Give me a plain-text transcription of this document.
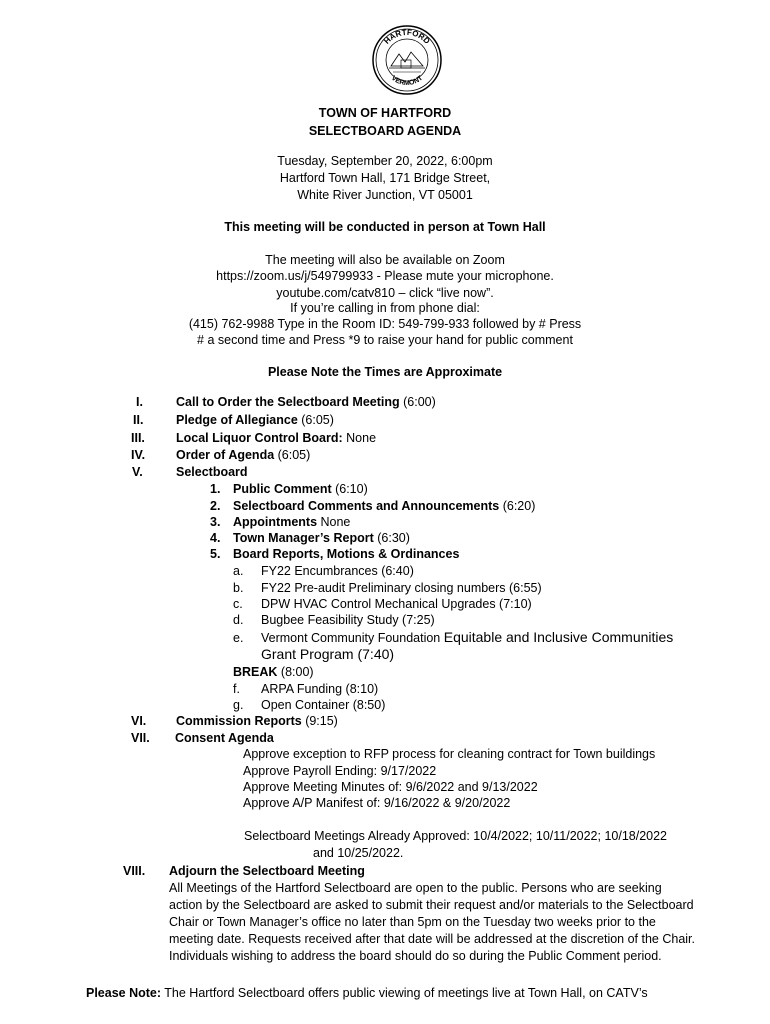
HARTFORD
VERMONT
TOWN OF HARTFORD
SELECTBOARD AGENDA
Tuesday, September 20, 2022, 6:00pm
Hartford Town Hall, 171 Bridge Street,
White River Junction, VT 05001
This meeting will be conducted in person at Town Hall
The meeting will also be available on Zoom
https://zoom.us/j/549799933 - Please mute your microphone.
youtube.com/catv810 – click “live now”.
If you’re calling in from phone dial:
(415) 762-9988 Type in the Room ID: 549-799-933 followed by # Press
# a second time and Press *9 to raise your hand for public comment
Please Note the Times are Approximate
I.	Call to Order the Selectboard Meeting (6:00)
II.	Pledge of Allegiance (6:05)
III. Local Liquor Control Board: None
IV. Order of Agenda (6:05)
V.	Selectboard
1. Public Comment (6:10)
2. Selectboard Comments and Announcements (6:20)
3. Appointments None
4. Town Manager’s Report (6:30)
5. Board Reports, Motions & Ordinances
a. FY22 Encumbrances (6:40)
b. FY22 Pre-audit Preliminary closing numbers (6:55)
c. DPW HVAC Control Mechanical Upgrades (7:10)
d. Bugbee Feasibility Study (7:25)
e. Vermont Community Foundation Equitable and Inclusive Communities
Grant Program (7:40)
BREAK (8:00)
f. ARPA Funding (8:10)
g. Open Container (8:50)
VI. Commission Reports (9:15)
VII. Consent Agenda
Approve exception to RFP process for cleaning contract for Town buildings
Approve Payroll Ending: 9/17/2022
Approve Meeting Minutes of: 9/6/2022 and 9/13/2022
Approve A/P Manifest of: 9/16/2022 & 9/20/2022
Selectboard Meetings Already Approved: 10/4/2022; 10/11/2022; 10/18/2022
and 10/25/2022.
VIII. Adjourn the Selectboard Meeting
All Meetings of the Hartford Selectboard are open to the public. Persons who are seeking
action by the Selectboard are asked to submit their request and/or materials to the Selectboard
Chair or Town Manager’s office no later than 5pm on the Tuesday two weeks prior to the
meeting date. Requests received after that date will be addressed at the discretion of the Chair.
Individuals wishing to address the board should do so during the Public Comment period.
Please Note: The Hartford Selectboard offers public viewing of meetings live at Town Hall, on CATV’s
